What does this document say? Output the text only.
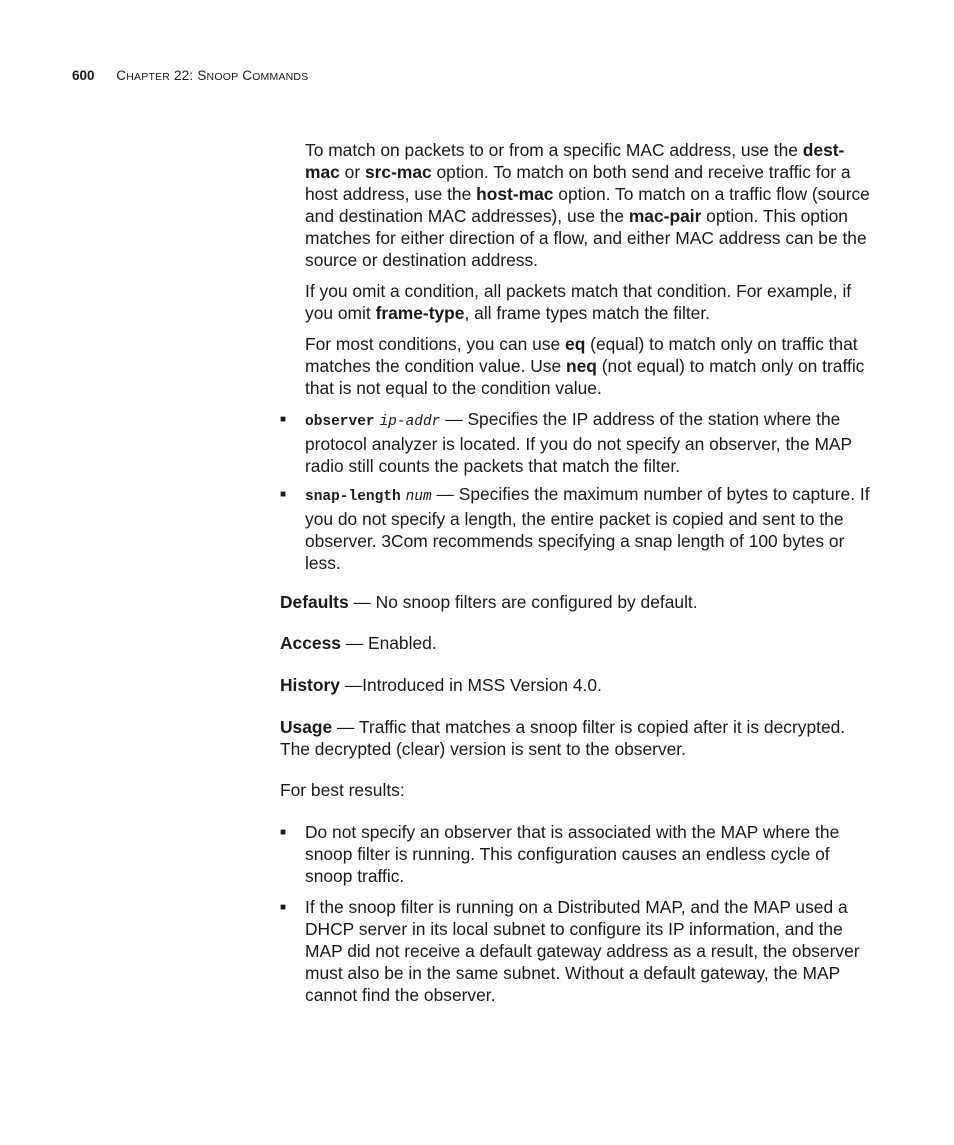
600 CHAPTER 22: SNOOP COMMANDS

To match on packets to or from a specific MAC address, use the dest-mac or src-mac option. To match on both send and receive traffic for a host address, use the host-mac option. To match on a traffic flow (source and destination MAC addresses), use the mac-pair option. This option matches for either direction of a flow, and either MAC address can be the source or destination address.

If you omit a condition, all packets match that condition. For example, if you omit frame-type, all frame types match the filter.

For most conditions, you can use eq (equal) to match only on traffic that matches the condition value. Use neq (not equal) to match only on traffic that is not equal to the condition value.

■ observer ip-addr — Specifies the IP address of the station where the protocol analyzer is located. If you do not specify an observer, the MAP radio still counts the packets that match the filter.

■ snap-length num — Specifies the maximum number of bytes to capture. If you do not specify a length, the entire packet is copied and sent to the observer. 3Com recommends specifying a snap length of 100 bytes or less.

Defaults — No snoop filters are configured by default.

Access — Enabled.

History —Introduced in MSS Version 4.0.

Usage — Traffic that matches a snoop filter is copied after it is decrypted. The decrypted (clear) version is sent to the observer.

For best results:

■ Do not specify an observer that is associated with the MAP where the snoop filter is running. This configuration causes an endless cycle of snoop traffic.

■ If the snoop filter is running on a Distributed MAP, and the MAP used a DHCP server in its local subnet to configure its IP information, and the MAP did not receive a default gateway address as a result, the observer must also be in the same subnet. Without a default gateway, the MAP cannot find the observer.
